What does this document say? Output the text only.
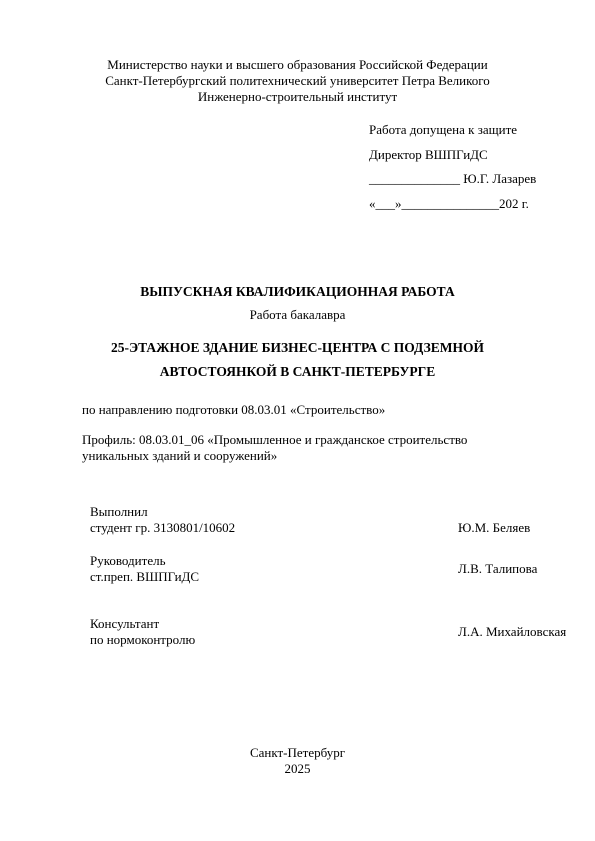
Министерство науки и высшего образования Российской Федерации
Санкт-Петербургский политехнический университет Петра Великого
Инженерно-строительный институт
Работа допущена к защите
Директор ВШПГиДС
______________ Ю.Г. Лазарев
«___»_______________202 г.
ВЫПУСКНАЯ КВАЛИФИКАЦИОННАЯ РАБОТА
Работа бакалавра
25-ЭТАЖНОЕ ЗДАНИЕ БИЗНЕС-ЦЕНТРА С ПОДЗЕМНОЙ
АВТОСТОЯНКОЙ В САНКТ-ПЕТЕРБУРГЕ
по направлению подготовки 08.03.01 «Строительство»
Профиль: 08.03.01_06 «Промышленное и гражданское строительство
уникальных зданий и сооружений»
Выполнил
студент гр. 3130801/10602	Ю.М. Беляев
Руководитель
ст.преп. ВШПГиДС
Л.В. Талипова
Консультант
по нормоконтролю
Л.А. Михайловская
Санкт-Петербург
2025
